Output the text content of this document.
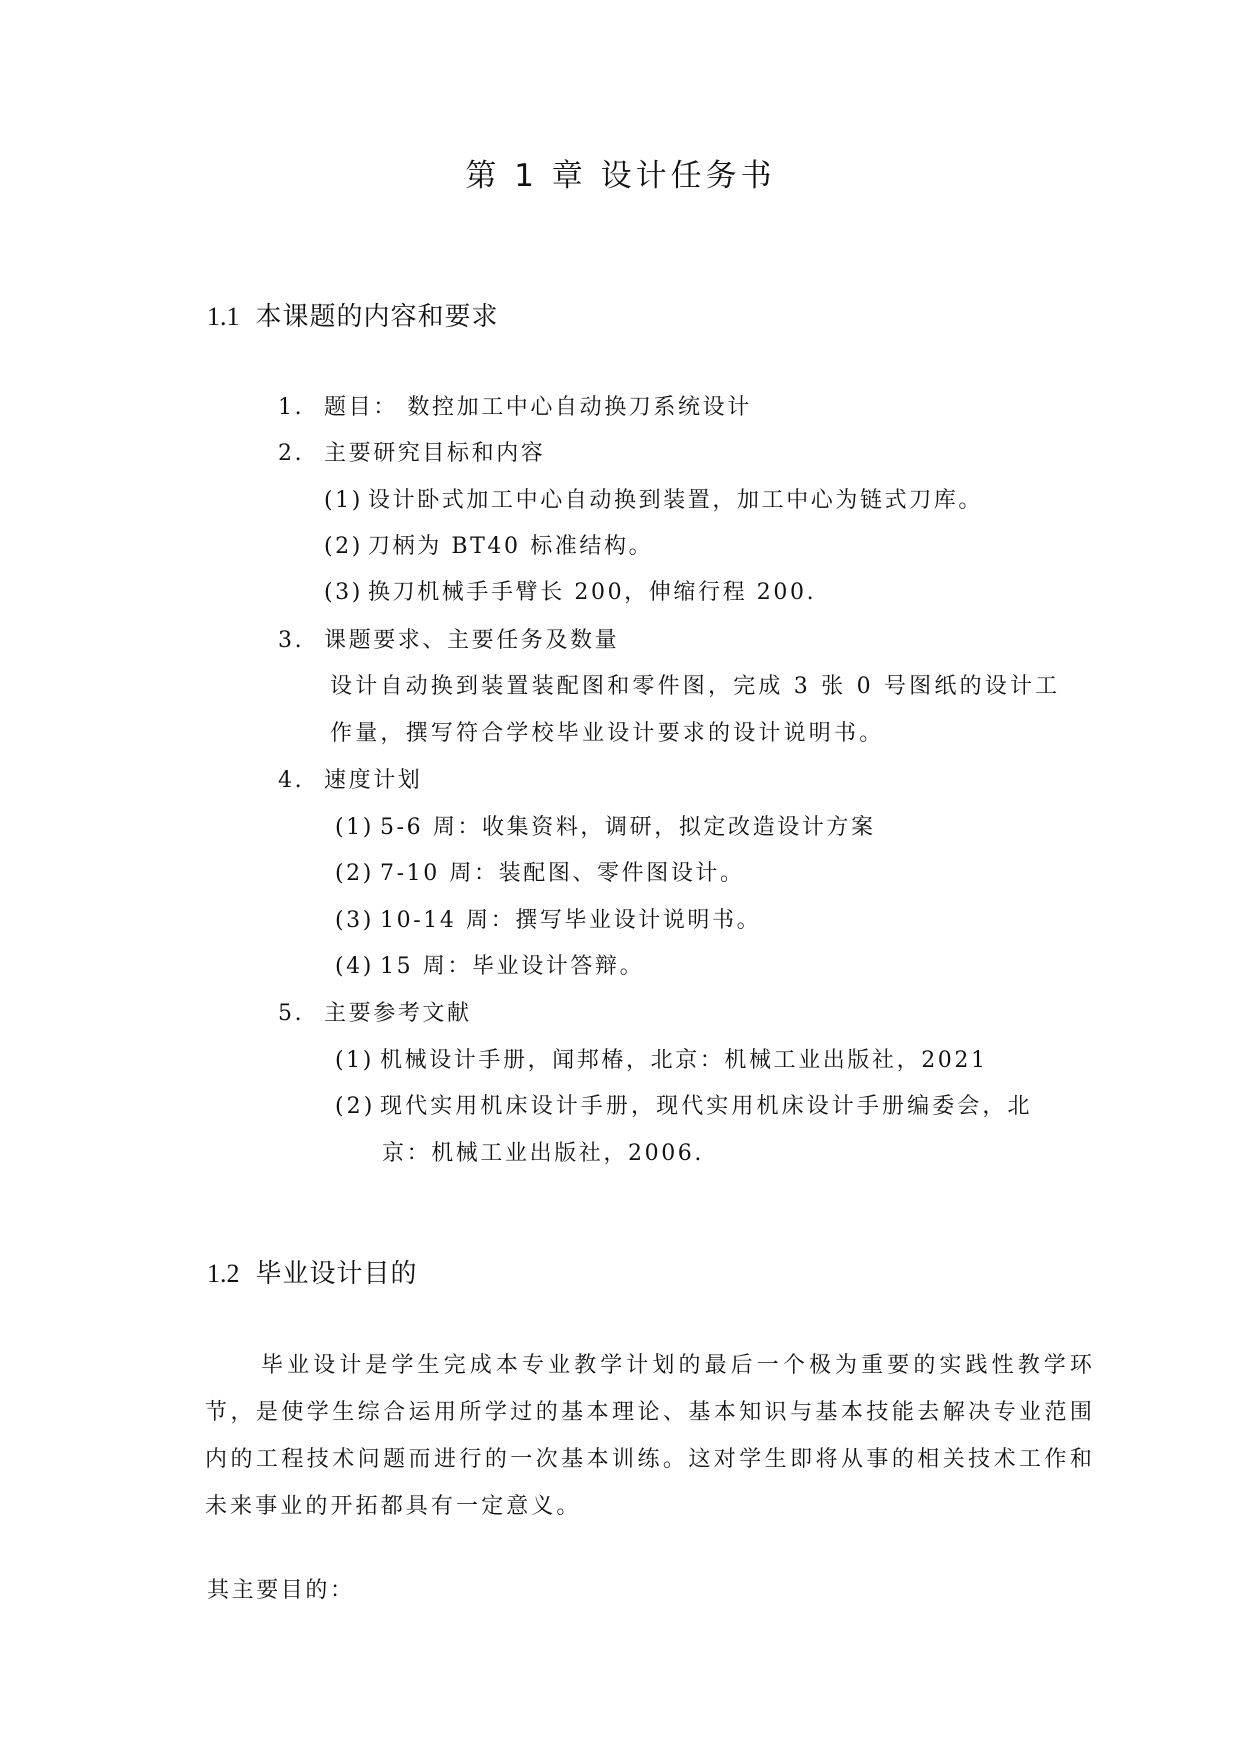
第 1 章 设计任务书
1.1 本课题的内容和要求
1. 题目： 数控加工中心自动换刀系统设计
2. 主要研究目标和内容
(1) 设计卧式加工中心自动换到装置，加工中心为链式刀库。
(2) 刀柄为 BT40 标准结构。
(3) 换刀机械手手臂长 200，伸缩行程 200.
3. 课题要求、主要任务及数量
设计自动换到装置装配图和零件图，完成 3 张 0 号图纸的设计工
作量，撰写符合学校毕业设计要求的设计说明书。
4. 速度计划
(1) 5-6 周：收集资料，调研，拟定改造设计方案
(2) 7-10 周：装配图、零件图设计。
(3) 10-14 周：撰写毕业设计说明书。
(4) 15 周：毕业设计答辩。
5. 主要参考文献
(1) 机械设计手册，闻邦椿，北京：机械工业出版社，2021
(2) 现代实用机床设计手册，现代实用机床设计手册编委会，北
京：机械工业出版社，2006.
1.2 毕业设计目的
毕业设计是学生完成本专业教学计划的最后一个极为重要的实践性教学环节，是使学生综合运用所学过的基本理论、基本知识与基本技能去解决专业范围内的工程技术问题而进行的一次基本训练。这对学生即将从事的相关技术工作和未来事业的开拓都具有一定意义。
其主要目的：
